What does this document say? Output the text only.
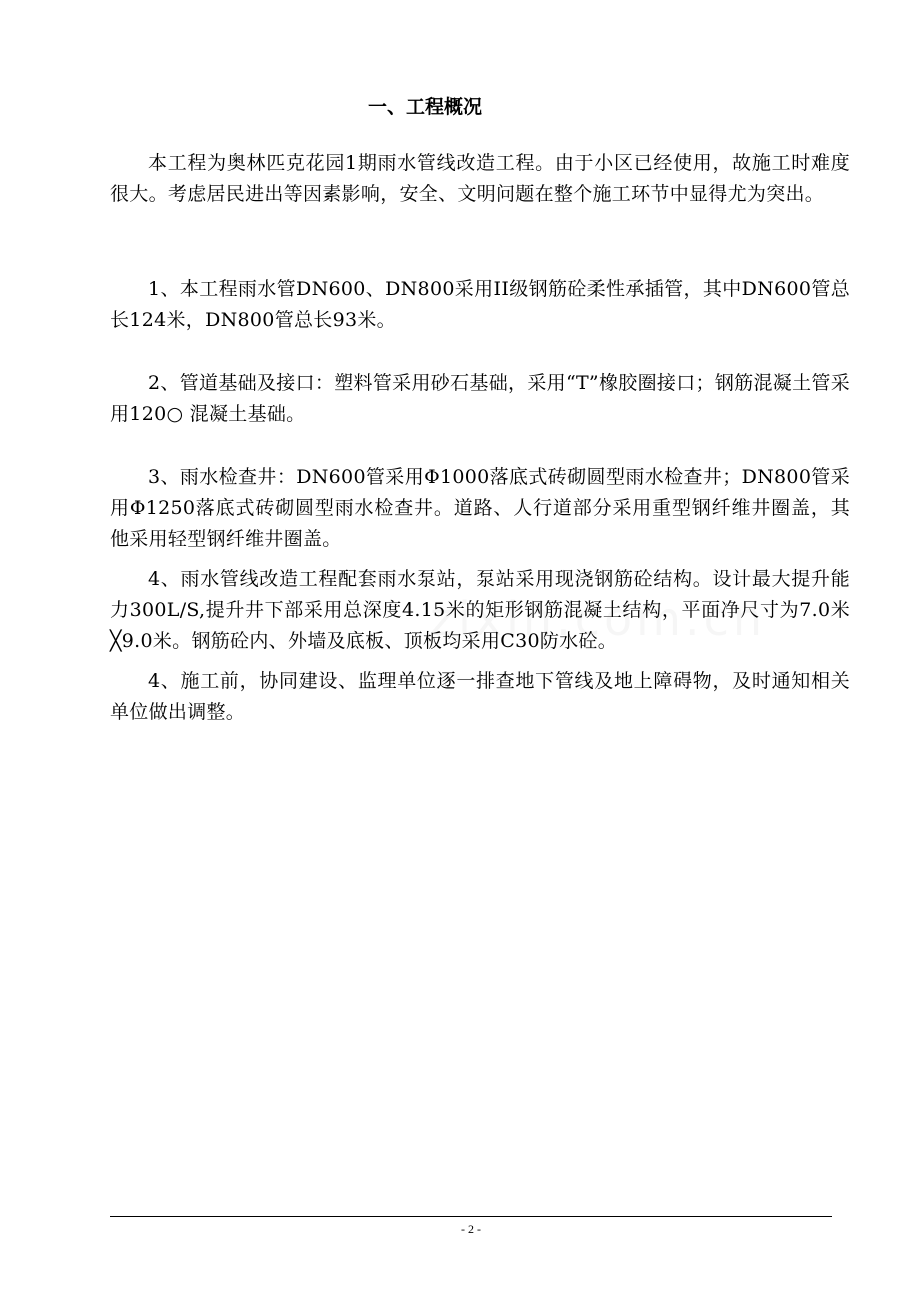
一、工程概况

本工程为奥林匹克花园1期雨水管线改造工程。由于小区已经使用，故施工时难度很大。考虑居民进出等因素影响，安全、文明问题在整个施工环节中显得尤为突出。

1、本工程雨水管DN600、DN800采用II级钢筋砼柔性承插管，其中DN600管总长124米，DN800管总长93米。

2、管道基础及接口：塑料管采用砂石基础，采用“T”橡胶圈接口；钢筋混凝土管采用120○ 混凝土基础。

3、雨水检查井：DN600管采用Φ1000落底式砖砌圆型雨水检查井；DN800管采用Φ1250落底式砖砌圆型雨水检查井。道路、人行道部分采用重型钢纤维井圈盖，其他采用轻型钢纤维井圈盖。

4、雨水管线改造工程配套雨水泵站，泵站采用现浇钢筋砼结构。设计最大提升能力300L/S,提升井下部采用总深度4.15米的矩形钢筋混凝土结构，平面净尺寸为7.0米╳9.0米。钢筋砼内、外墙及底板、顶板均采用C30防水砼。

4、施工前，协同建设、监理单位逐一排查地下管线及地上障碍物，及时通知相关单位做出调整。

- 2 -
